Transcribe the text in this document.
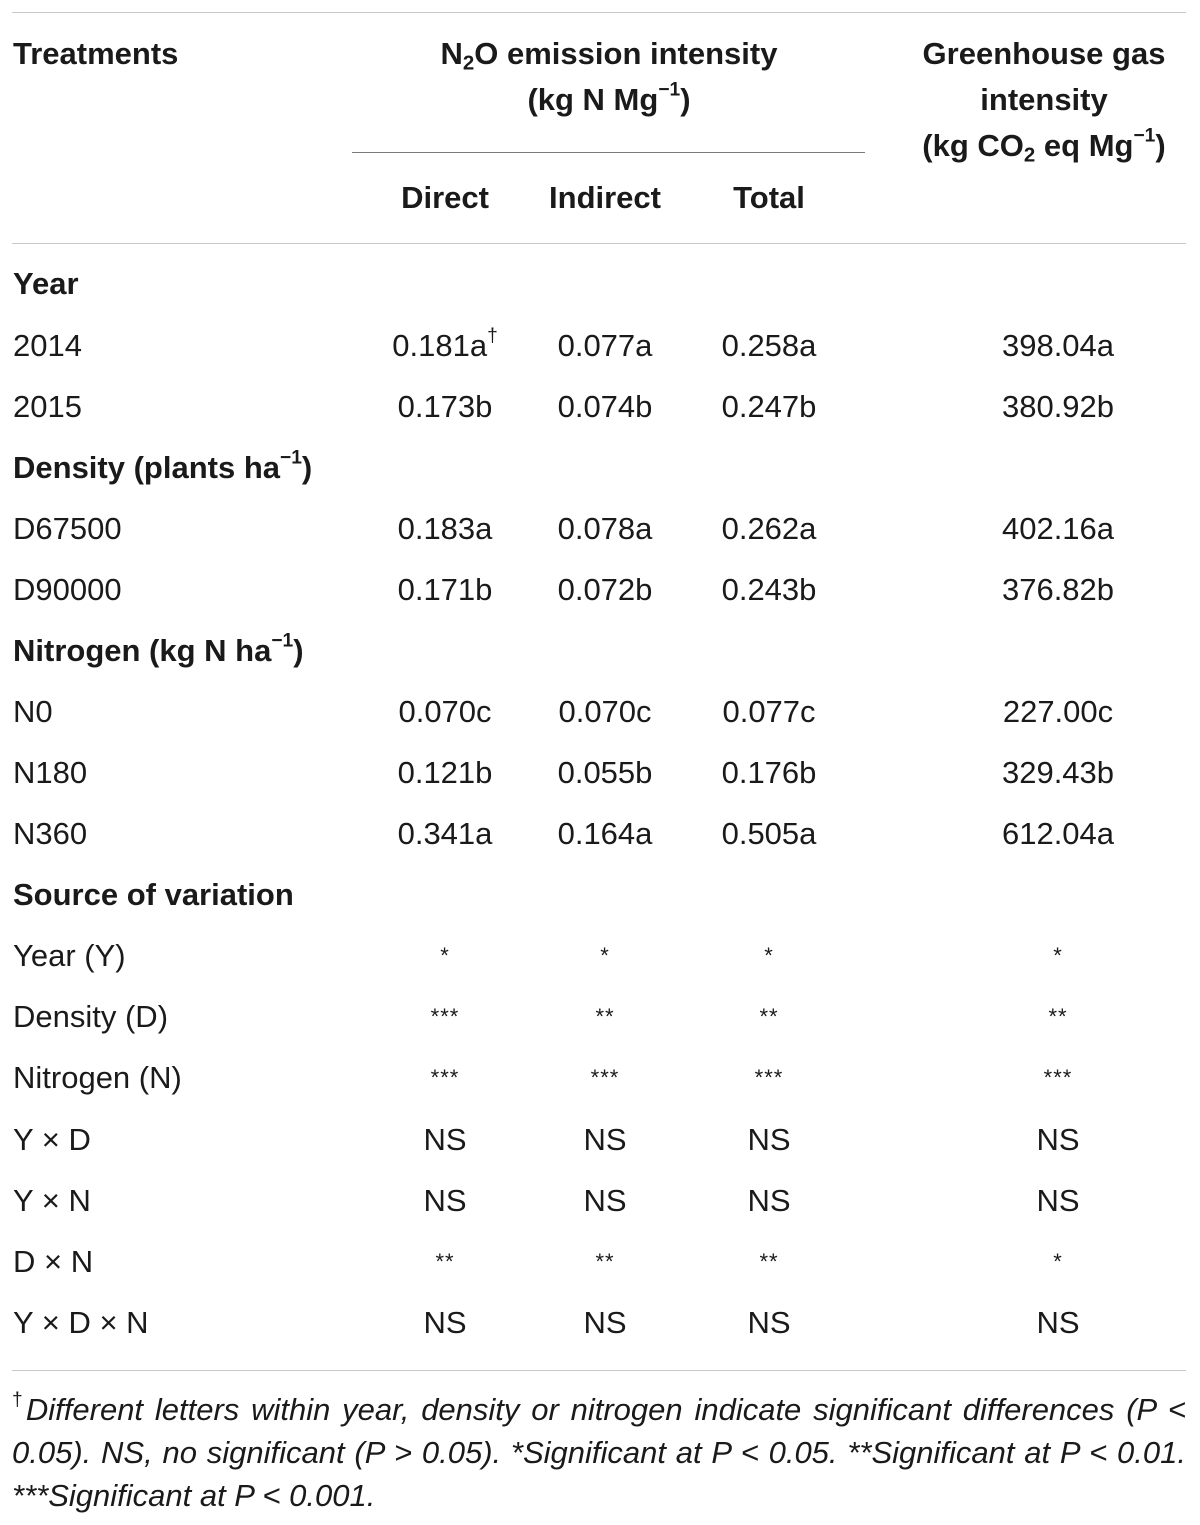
Treatments	$N_2O$ emission intensity
(kg N $Mg^{-1}$)
Greenhouse gas
intensity
(kg $CO_2$ eq $Mg^{-1}$)
Direct Indirect Total
Year
2014	0.181a† 0.077a 0.258a	398.04a
2015	0.173b 0.074b 0.247b	380.92b
Density (plants $ha^{-1}$)
D67500	0.183a 0.078a 0.262a	402.16a
D90000	0.171b 0.072b 0.243b	376.82b
Nitrogen (kg N $ha^{-1}$)
N0	0.070c 0.070c 0.077c	227.00c
N180	0.121b 0.055b 0.176b	329.43b
N360	0.341a 0.164a 0.505a	612.04a
Source of variation
Year (Y)	*	*	*	*
Density (D)	***	**	**	**
Nitrogen (N)	***	***	***	***
Y × D	NS	NS	NS	NS
Y × N	NS	NS	NS	NS
D × N	**	**	**	*
Y × D × N	NS	NS	NS	NS
†Different letters within year, density or nitrogen indicate significant differences (P < 0.05). NS, no significant (P > 0.05). *Significant at P < 0.05. **Significant at P < 0.01. ***Significant at P < 0.001.
